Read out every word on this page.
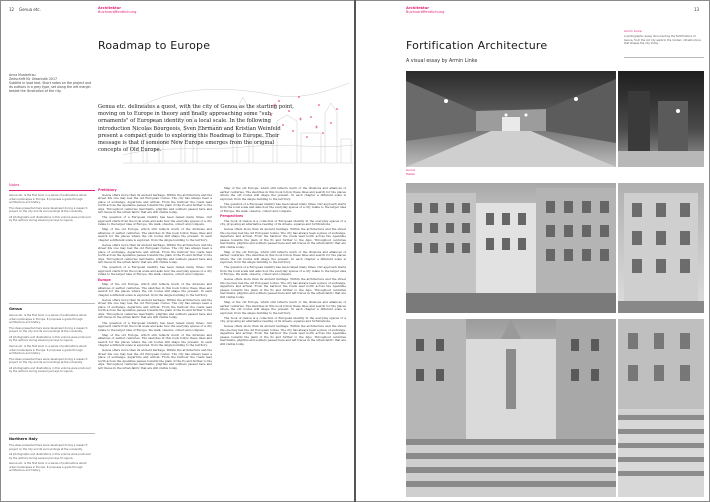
12 Genua etc.	Architektur
Buchveröffentlichung
Roadmap to Europe
Anna Musterfrau
Zeitschrift für Urbanistik 2017
Subtitle in lead text. Short notes on the project and its authors in a grey type, set along the left margin beside the illustration of the city.
Genua etc. delineates a quest, with the city of Genoa as the starting point, moving on to Europe in theory and finally approaching some "sub-ornaments" of European identity on a local scale. In the following introduction Nicolas Bourgeois, Sven Ehrmann and Kristian Weinfeld present a compact guide to exploring this Roadmap to Europe. Their message is that if someone New Europe emerges from the original concepts of Old Europe.
Notes

Genua etc. is the first book in a series of publications about urban landscapes in Europe. It proposes a guide through architecture and history.

The ideas presented here were developed during a research project on the city and its surroundings at the university.

All photographs and illustrations in this volume were produced by the authors during several journeys to Liguria.

Genua

Genua etc. is the first book in a series of publications about urban landscapes in Europe. It proposes a guide through architecture and history.

The ideas presented here were developed during a research project on the city and its surroundings at the university.

All photographs and illustrations in this volume were produced by the authors during several journeys to Liguria.

Genua etc. is the first book in a series of publications about urban landscapes in Europe. It proposes a guide through architecture and history.

The ideas presented here were developed during a research project on the city and its surroundings at the university.

All photographs and illustrations in this volume were produced by the authors during several journeys to Liguria.

Northern Italy

The ideas presented here were developed during a research project on the city and its surroundings at the university.

All photographs and illustrations in this volume were produced by the authors during several journeys to Liguria.

Genua etc. is the first book in a series of publications about urban landscapes in Europe. It proposes a guide through architecture and history.

Prehistory

Genoa offers more than its ancient heritage. Within the architecture and the street life one may feel the old European routes. The city has always been a place of exchange, departure and arrival. From the harbour the roads lead north across the Apennine passes towards the plain of the Po and further to the Alps. Throughout centuries merchants, pilgrims and soldiers passed here and left traces in the urban fabric that are still visible today.

The question of a European identity has been raised many times. Our approach starts from the local scale and asks how the everyday spaces of a city relate to the larger idea of Europe. We walk, observe, collect and compare.

Map of the old Europe, which still reflects much of the divisions and alliances of earlier centuries. The sketches in this book follow these lines and search for the places where the old routes still shape the present. In each chapter a different scale is explored, from the single building to the territory.

Genoa offers more than its ancient heritage. Within the architecture and the street life one may feel the old European routes. The city has always been a place of exchange, departure and arrival. From the harbour the roads lead north across the Apennine passes towards the plain of the Po and further to the Alps. Throughout centuries merchants, pilgrims and soldiers passed here and left traces in the urban fabric that are still visible today.

The question of a European identity has been raised many times. Our approach starts from the local scale and asks how the everyday spaces of a city relate to the larger idea of Europe. We walk, observe, collect and compare.

Europe

Map of the old Europe, which still reflects much of the divisions and alliances of earlier centuries. The sketches in this book follow these lines and search for the places where the old routes still shape the present. In each chapter a different scale is explored, from the single building to the territory.

Genoa offers more than its ancient heritage. Within the architecture and the street life one may feel the old European routes. The city has always been a place of exchange, departure and arrival. From the harbour the roads lead north across the Apennine passes towards the plain of the Po and further to the Alps. Throughout centuries merchants, pilgrims and soldiers passed here and left traces in the urban fabric that are still visible today.

The question of a European identity has been raised many times. Our approach starts from the local scale and asks how the everyday spaces of a city relate to the larger idea of Europe. We walk, observe, collect and compare.

Map of the old Europe, which still reflects much of the divisions and alliances of earlier centuries. The sketches in this book follow these lines and search for the places where the old routes still shape the present. In each chapter a different scale is explored, from the single building to the territory.

Genoa offers more than its ancient heritage. Within the architecture and the street life one may feel the old European routes. The city has always been a place of exchange, departure and arrival. From the harbour the roads lead north across the Apennine passes towards the plain of the Po and further to the Alps. Throughout centuries merchants, pilgrims and soldiers passed here and left traces in the urban fabric that are still visible today.

Map of the old Europe, which still reflects much of the divisions and alliances of earlier centuries. The sketches in this book follow these lines and search for the places where the old routes still shape the present. In each chapter a different scale is explored, from the single building to the territory.

The question of a European identity has been raised many times. Our approach starts from the local scale and asks how the everyday spaces of a city relate to the larger idea of Europe. We walk, observe, collect and compare.

Perspectives

The book of Genoa is a collection of European identity in the everyday spaces of a city, proposing an alternative reading of its streets, squares and fortifications.

Genoa offers more than its ancient heritage. Within the architecture and the street life one may feel the old European routes. The city has always been a place of exchange, departure and arrival. From the harbour the roads lead north across the Apennine passes towards the plain of the Po and further to the Alps. Throughout centuries merchants, pilgrims and soldiers passed here and left traces in the urban fabric that are still visible today.

Map of the old Europe, which still reflects much of the divisions and alliances of earlier centuries. The sketches in this book follow these lines and search for the places where the old routes still shape the present. In each chapter a different scale is explored, from the single building to the territory.

The question of a European identity has been raised many times. Our approach starts from the local scale and asks how the everyday spaces of a city relate to the larger idea of Europe. We walk, observe, collect and compare.

Genoa offers more than its ancient heritage. Within the architecture and the street life one may feel the old European routes. The city has always been a place of exchange, departure and arrival. From the harbour the roads lead north across the Apennine passes towards the plain of the Po and further to the Alps. Throughout centuries merchants, pilgrims and soldiers passed here and left traces in the urban fabric that are still visible today.

Map of the old Europe, which still reflects much of the divisions and alliances of earlier centuries. The sketches in this book follow these lines and search for the places where the old routes still shape the present. In each chapter a different scale is explored, from the single building to the territory.

The book of Genoa is a collection of European identity in the everyday spaces of a city, proposing an alternative reading of its streets, squares and fortifications.

Genoa offers more than its ancient heritage. Within the architecture and the street life one may feel the old European routes. The city has always been a place of exchange, departure and arrival. From the harbour the roads lead north across the Apennine passes towards the plain of the Po and further to the Alps. Throughout centuries merchants, pilgrims and soldiers passed here and left traces in the urban fabric that are still visible today.

Architektur
Buchveröffentlichung
13
Fortification Architecture
A visual essay by Armin Linke
Genua
Piazza
Armin Linke

A photographic essay documenting the fortifications of Genoa, from the old city walls to the modern infrastructure that shapes the city today.
